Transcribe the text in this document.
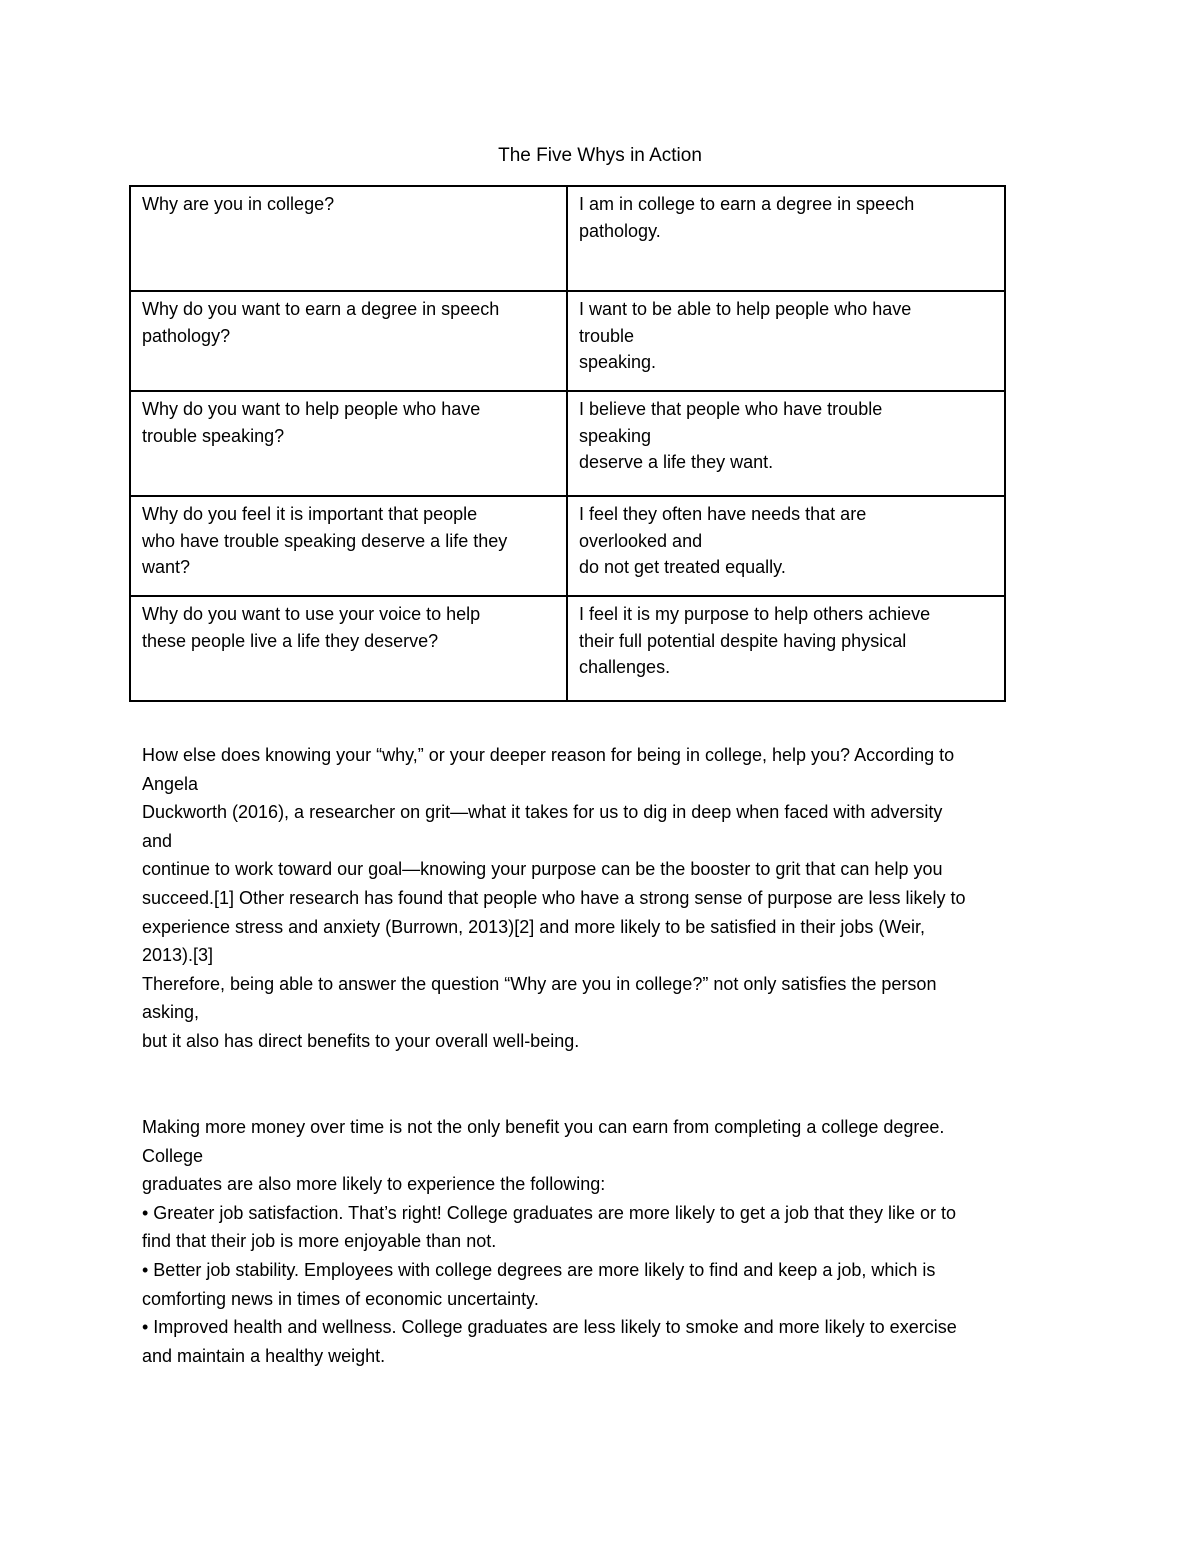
The Five Whys in Action
Why are you in college?	I am in college to earn a degree in speech
pathology.

Why do you want to earn a degree in speech
pathology?	I want to be able to help people who have
trouble
speaking.

Why do you want to help people who have
trouble speaking?	I believe that people who have trouble
speaking
deserve a life they want.

Why do you feel it is important that people
who have trouble speaking deserve a life they
want?	I feel they often have needs that are
overlooked and
do not get treated equally.

Why do you want to use your voice to help
these people live a life they deserve?	I feel it is my purpose to help others achieve
their full potential despite having physical
challenges.
How else does knowing your “why,” or your deeper reason for being in college, help you? According to
Angela
Duckworth (2016), a researcher on grit—what it takes for us to dig in deep when faced with adversity
and
continue to work toward our goal—knowing your purpose can be the booster to grit that can help you
succeed.[1] Other research has found that people who have a strong sense of purpose are less likely to
experience stress and anxiety (Burrown, 2013)[2] and more likely to be satisfied in their jobs (Weir,
2013).[3]
Therefore, being able to answer the question “Why are you in college?” not only satisfies the person
asking,
but it also has direct benefits to your overall well-being.
Making more money over time is not the only benefit you can earn from completing a college degree.
College
graduates are also more likely to experience the following:
• Greater job satisfaction. That’s right! College graduates are more likely to get a job that they like or to
find that their job is more enjoyable than not.
• Better job stability. Employees with college degrees are more likely to find and keep a job, which is
comforting news in times of economic uncertainty.
• Improved health and wellness. College graduates are less likely to smoke and more likely to exercise
and maintain a healthy weight.
